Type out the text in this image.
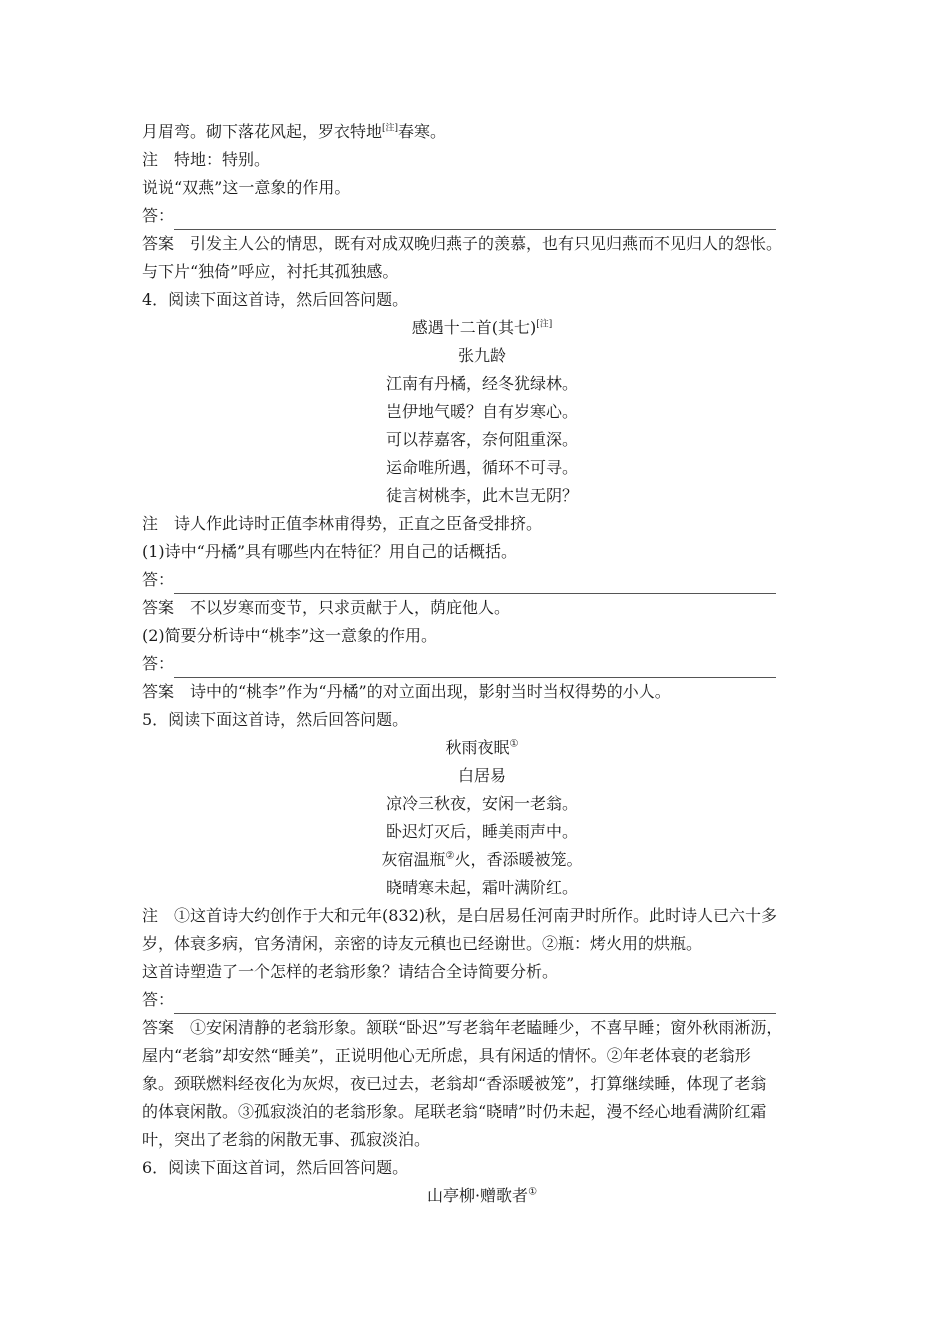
月眉弯。砌下落花风起，罗衣特地[注]春寒。
注　特地：特别。
说说“双燕”这一意象的作用。
答：
答案　引发主人公的情思，既有对成双晚归燕子的羡慕，也有只见归燕而不见归人的怨怅。
与下片“独倚”呼应，衬托其孤独感。
4．阅读下面这首诗，然后回答问题。
感遇十二首(其七)[注]
张九龄
江南有丹橘，经冬犹绿林。
岂伊地气暖？自有岁寒心。
可以荐嘉客，奈何阻重深。
运命唯所遇，循环不可寻。
徒言树桃李，此木岂无阴？
注　诗人作此诗时正值李林甫得势，正直之臣备受排挤。
(1)诗中“丹橘”具有哪些内在特征？用自己的话概括。
答：
答案　不以岁寒而变节，只求贡献于人，荫庇他人。
(2)简要分析诗中“桃李”这一意象的作用。
答：
答案　诗中的“桃李”作为“丹橘”的对立面出现，影射当时当权得势的小人。
5．阅读下面这首诗，然后回答问题。
秋雨夜眠①
白居易
凉冷三秋夜，安闲一老翁。
卧迟灯灭后，睡美雨声中。
灰宿温瓶②火，香添暖被笼。
晓晴寒未起，霜叶满阶红。
注　①这首诗大约创作于大和元年(832)秋，是白居易任河南尹时所作。此时诗人已六十多
岁，体衰多病，官务清闲，亲密的诗友元稹也已经谢世。②瓶：烤火用的烘瓶。
这首诗塑造了一个怎样的老翁形象？请结合全诗简要分析。
答：
答案　①安闲清静的老翁形象。颔联“卧迟”写老翁年老瞌睡少，不喜早睡；窗外秋雨淅沥，
屋内“老翁”却安然“睡美”，正说明他心无所虑，具有闲适的情怀。②年老体衰的老翁形
象。颈联燃料经夜化为灰烬，夜已过去，老翁却“香添暖被笼”，打算继续睡，体现了老翁
的体衰闲散。③孤寂淡泊的老翁形象。尾联老翁“晓晴”时仍未起，漫不经心地看满阶红霜
叶，突出了老翁的闲散无事、孤寂淡泊。
6．阅读下面这首词，然后回答问题。
山亭柳·赠歌者①
